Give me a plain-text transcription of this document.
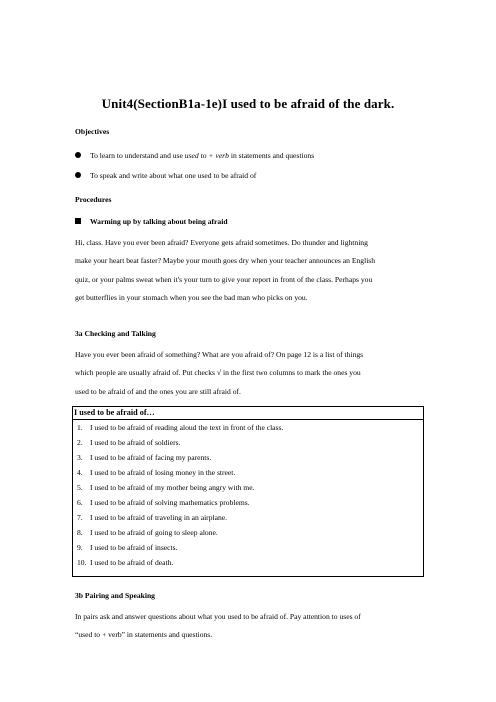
Unit4(SectionB1a-1e)I used to be afraid of the dark.
Objectives
To learn to understand and use used to + verb in statements and questions
To speak and write about what one used to be afraid of
Procedures
Warming up by talking about being afraid
Hi, class. Have you ever been afraid? Everyone gets afraid sometimes. Do thunder and lightning
make your heart beat faster? Maybe your mouth goes dry when your teacher announces an English
quiz, or your palms sweat when it's your turn to give your report in front of the class. Perhaps you
get butterflies in your stomach when you see the bad man who picks on you.
3a Checking and Talking
Have you ever been afraid of something? What are you afraid of? On page 12 is a list of things
which people are usually afraid of. Put checks √ in the first two columns to mark the ones you
used to be afraid of and the ones you are still afraid of.
I used to be afraid of…
1. I used to be afraid of reading aloud the text in front of the class.
2. I used to be afraid of soldiers.
3. I used to be afraid of facing my parents.
4. I used to be afraid of losing money in the street.
5. I used to be afraid of my mother being angry with me.
6. I used to be afraid of solving mathematics problems.
7. I used to be afraid of traveling in an airplane.
8. I used to be afraid of going to sleep alone.
9. I used to be afraid of insects.
10. I used to be afraid of death.
3b Pairing and Speaking
In pairs ask and answer questions about what you used to be afraid of. Pay attention to uses of
“used to + verb” in statements and questions.
